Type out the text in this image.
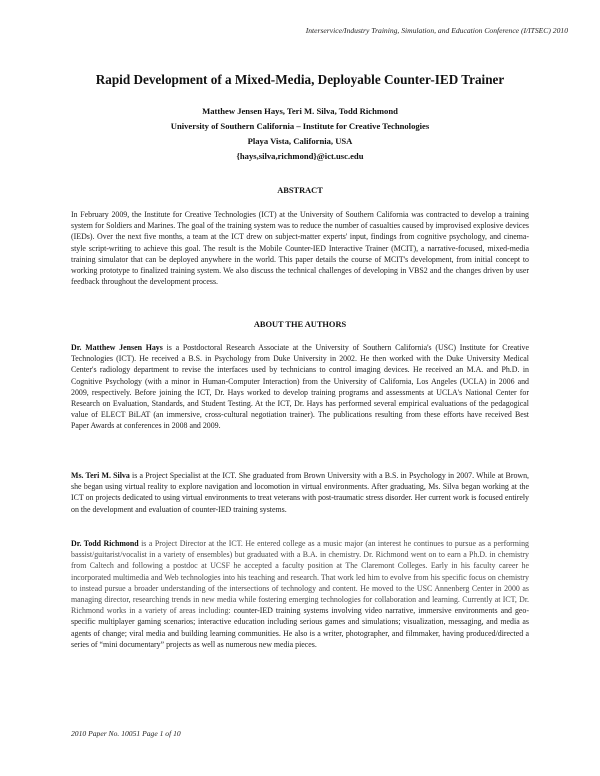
Interservice/Industry Training, Simulation, and Education Conference (I/ITSEC) 2010
Rapid Development of a Mixed-Media, Deployable Counter-IED Trainer
Matthew Jensen Hays, Teri M. Silva, Todd Richmond
University of Southern California – Institute for Creative Technologies
Playa Vista, California, USA
{hays,silva,richmond}@ict.usc.edu
ABSTRACT
In February 2009, the Institute for Creative Technologies (ICT) at the University of Southern California was contracted to develop a training system for Soldiers and Marines. The goal of the training system was to reduce the number of casualties caused by improvised explosive devices (IEDs). Over the next five months, a team at the ICT drew on subject-matter experts' input, findings from cognitive psychology, and cinema-style script-writing to achieve this goal. The result is the Mobile Counter-IED Interactive Trainer (MCIT), a narrative-focused, mixed-media training simulator that can be deployed anywhere in the world. This paper details the course of MCIT's development, from initial concept to working prototype to finalized training system. We also discuss the technical challenges of developing in VBS2 and the changes driven by user feedback throughout the development process.
ABOUT THE AUTHORS
Dr. Matthew Jensen Hays is a Postdoctoral Research Associate at the University of Southern California's (USC) Institute for Creative Technologies (ICT). He received a B.S. in Psychology from Duke University in 2002. He then worked with the Duke University Medical Center's radiology department to revise the interfaces used by technicians to control imaging devices. He received an M.A. and Ph.D. in Cognitive Psychology (with a minor in Human-Computer Interaction) from the University of California, Los Angeles (UCLA) in 2006 and 2009, respectively. Before joining the ICT, Dr. Hays worked to develop training programs and assessments at UCLA's National Center for Research on Evaluation, Standards, and Student Testing. At the ICT, Dr. Hays has performed several empirical evaluations of the pedagogical value of ELECT BiLAT (an immersive, cross-cultural negotiation trainer). The publications resulting from these efforts have received Best Paper Awards at conferences in 2008 and 2009.
Ms. Teri M. Silva is a Project Specialist at the ICT. She graduated from Brown University with a B.S. in Psychology in 2007. While at Brown, she began using virtual reality to explore navigation and locomotion in virtual environments. After graduating, Ms. Silva began working at the ICT on projects dedicated to using virtual environments to treat veterans with post-traumatic stress disorder. Her current work is focused entirely on the development and evaluation of counter-IED training systems.
Dr. Todd Richmond is a Project Director at the ICT. He entered college as a music major (an interest he continues to pursue as a performing bassist/guitarist/vocalist in a variety of ensembles) but graduated with a B.A. in chemistry. Dr. Richmond went on to earn a Ph.D. in chemistry from Caltech and following a postdoc at UCSF he accepted a faculty position at The Claremont Colleges. Early in his faculty career he incorporated multimedia and Web technologies into his teaching and research. That work led him to evolve from his specific focus on chemistry to instead pursue a broader understanding of the intersections of technology and content. He moved to the USC Annenberg Center in 2000 as managing director, researching trends in new media while fostering emerging technologies for collaboration and learning. Currently at ICT, Dr. Richmond works in a variety of areas including: counter-IED training systems involving video narrative, immersive environments and geo-specific multiplayer gaming scenarios; interactive education including serious games and simulations; visualization, messaging, and media as agents of change; viral media and building learning communities. He also is a writer, photographer, and filmmaker, having produced/directed a series of “mini documentary” projects as well as numerous new media pieces.
2010 Paper No. 10051 Page 1 of 10
